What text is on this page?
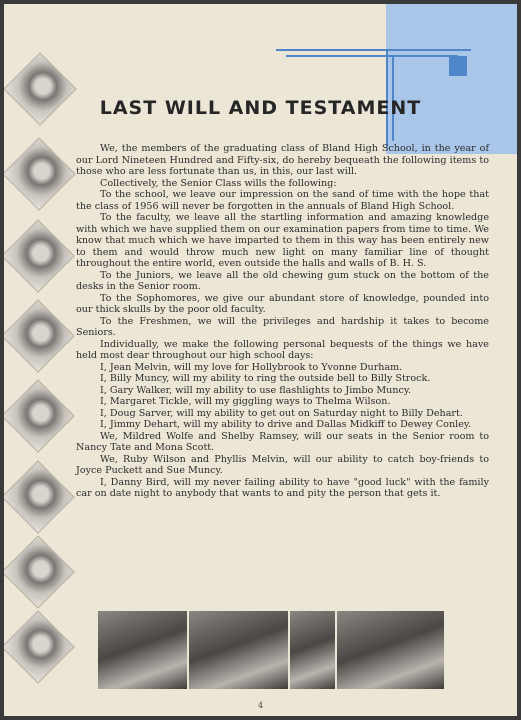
LAST WILL AND TESTAMENT

We, the members of the graduating class of Bland High School, in the year of our Lord Nineteen Hundred and Fifty-six, do hereby bequeath the following items to those who are less fortunate than us, in this, our last will.

Collectively, the Senior Class wills the following:

To the school, we leave our impression on the sand of time with the hope that the class of 1956 will never be forgotten in the annuals of Bland High School.

To the faculty, we leave all the startling information and amazing knowledge with which we have supplied them on our examination papers from time to time. We know that much which we have imparted to them in this way has been entirely new to them and would throw much new light on many familiar line of thought throughout the entire world, even outside the halls and walls of B. H. S.

To the Juniors, we leave all the old chewing gum stuck on the bottom of the desks in the Senior room.

To the Sophomores, we give our abundant store of knowledge, pounded into our thick skulls by the poor old faculty.

To the Freshmen, we will the privileges and hardship it takes to become Seniors.

Individually, we make the following personal bequests of the things we have held most dear throughout our high school days:

I, Jean Melvin, will my love for Hollybrook to Yvonne Durham.

I, Billy Muncy, will my ability to ring the outside bell to Billy Strock.

I, Gary Walker, will my ability to use flashlights to Jimbo Muncy.

I, Margaret Tickle, will my giggling ways to Thelma Wilson.

I, Doug Sarver, will my ability to get out on Saturday night to Billy Dehart.

I, Jimmy Dehart, will my ability to drive and Dallas Midkiff to Dewey Conley.

We, Mildred Wolfe and Shelby Ramsey, will our seats in the Senior room to Nancy Tate and Mona Scott.

We, Ruby Wilson and Phyllis Melvin, will our ability to catch boy-friends to Joyce Puckett and Sue Muncy.

I, Danny Bird, will my never failing ability to have "good luck" with the family car on date night to anybody that wants to and pity the person that gets it.

4
